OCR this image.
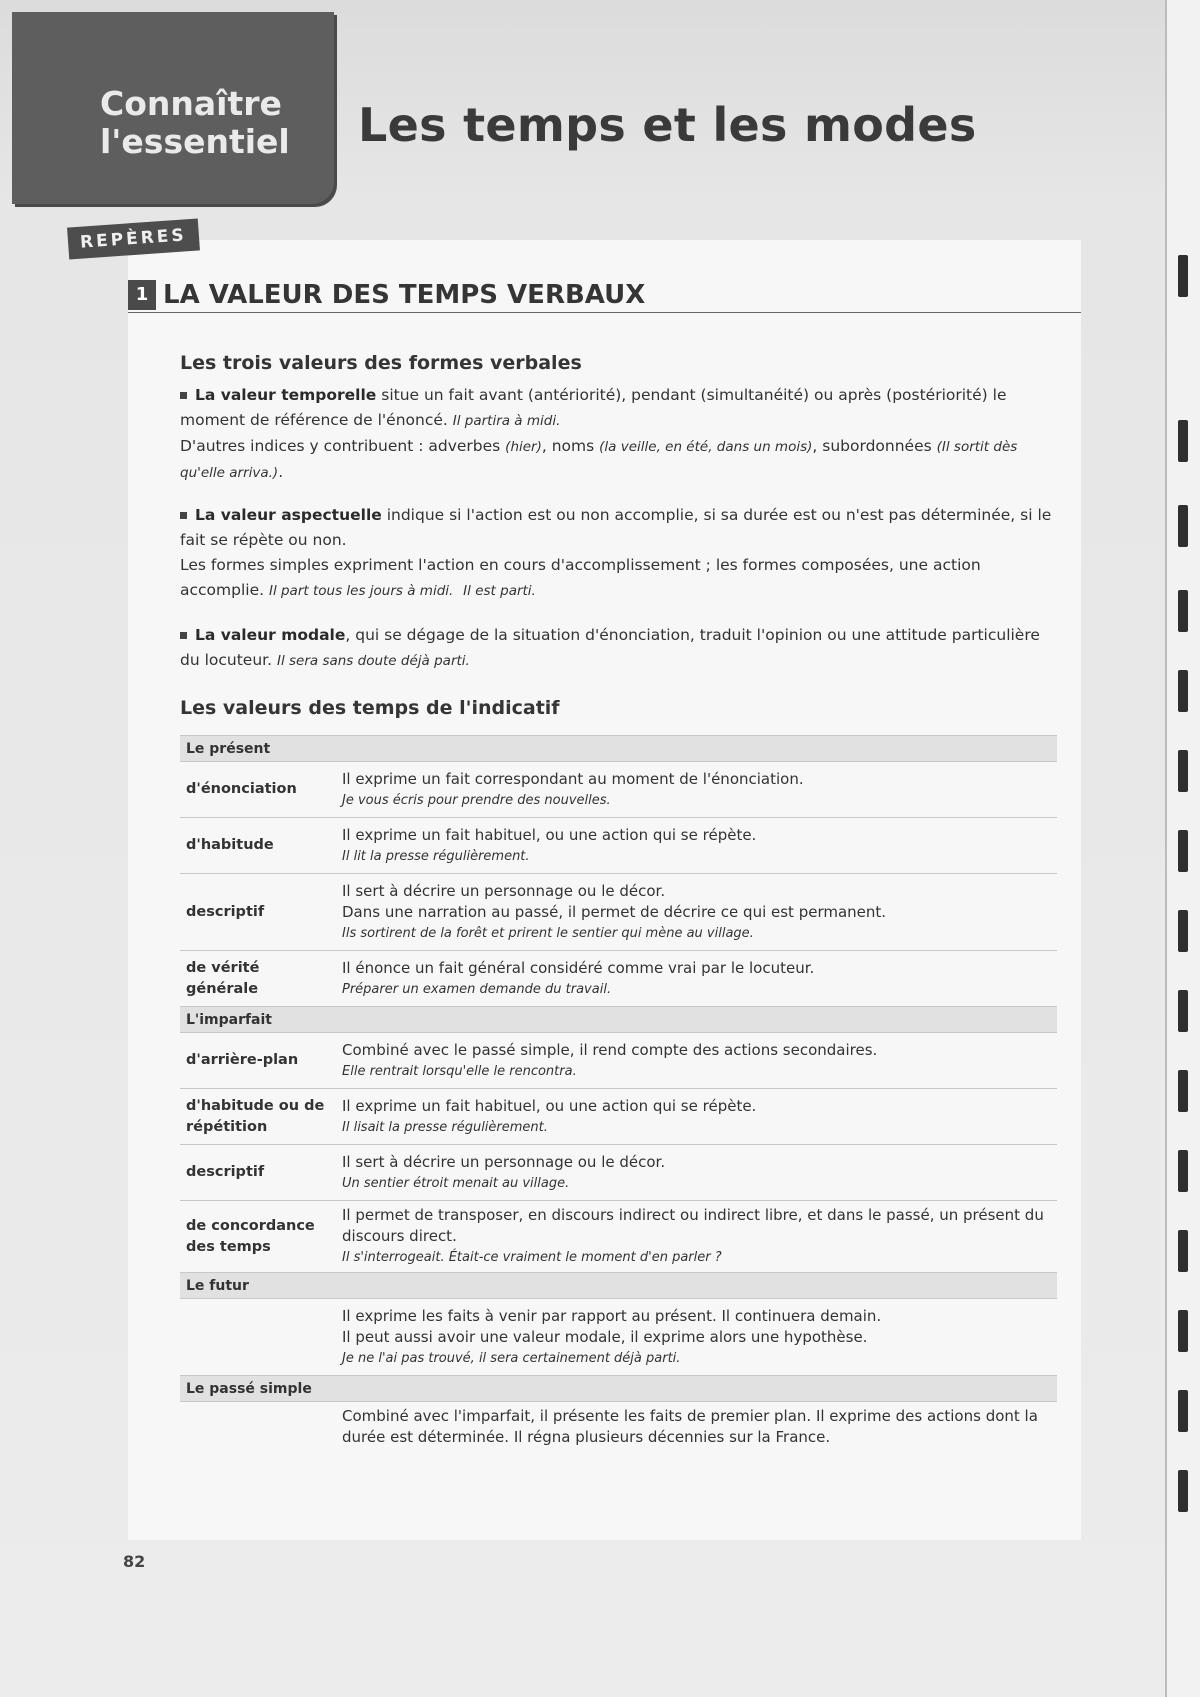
Connaître
l'essentiel	Les temps et les modes
REPÈRES
1 LA VALEUR DES TEMPS VERBAUX
Les trois valeurs des formes verbales
La valeur temporelle situe un fait avant (antériorité), pendant (simultanéité) ou après (postériorité) le moment de référence de l'énoncé. Il partira à midi.
D'autres indices y contribuent : adverbes (hier), noms (la veille, en été, dans un mois), subordonnées (Il sortit dès qu'elle arriva.).
La valeur aspectuelle indique si l'action est ou non accomplie, si sa durée est ou n'est pas déterminée, si le fait se répète ou non.
Les formes simples expriment l'action en cours d'accomplissement ; les formes composées, une action accomplie. Il part tous les jours à midi. Il est parti.
La valeur modale, qui se dégage de la situation d'énonciation, traduit l'opinion ou une attitude particulière du locuteur. Il sera sans doute déjà parti.
Les valeurs des temps de l'indicatif
Le présent	
d'énonciation	Il exprime un fait correspondant au moment de l'énonciation.
Je vous écris pour prendre des nouvelles.

d'habitude	Il exprime un fait habituel, ou une action qui se répète.
Il lit la presse régulièrement.

descriptif	Il sert à décrire un personnage ou le décor.
Dans une narration au passé, il permet de décrire ce qui est permanent.
Ils sortirent de la forêt et prirent le sentier qui mène au village.

de vérité générale	Il énonce un fait général considéré comme vrai par le locuteur.
Préparer un examen demande du travail.

L'imparfait	
d'arrière-plan	Combiné avec le passé simple, il rend compte des actions secondaires.
Elle rentrait lorsqu'elle le rencontra.

d'habitude ou de répétition	Il exprime un fait habituel, ou une action qui se répète.
Il lisait la presse régulièrement.

descriptif	Il sert à décrire un personnage ou le décor.
Un sentier étroit menait au village.

de concordance des temps	Il permet de transposer, en discours indirect ou indirect libre, et dans le passé, un présent du discours direct.
Il s'interrogeait. Était-ce vraiment le moment d'en parler ?

Le futur	

	Il exprime les faits à venir par rapport au présent. Il continuera demain.
Il peut aussi avoir une valeur modale, il exprime alors une hypothèse.
Je ne l'ai pas trouvé, il sera certainement déjà parti.

Le passé simple	

	Combiné avec l'imparfait, il présente les faits de premier plan. Il exprime des actions dont la durée est déterminée. Il régna plusieurs décennies sur la France.
82
